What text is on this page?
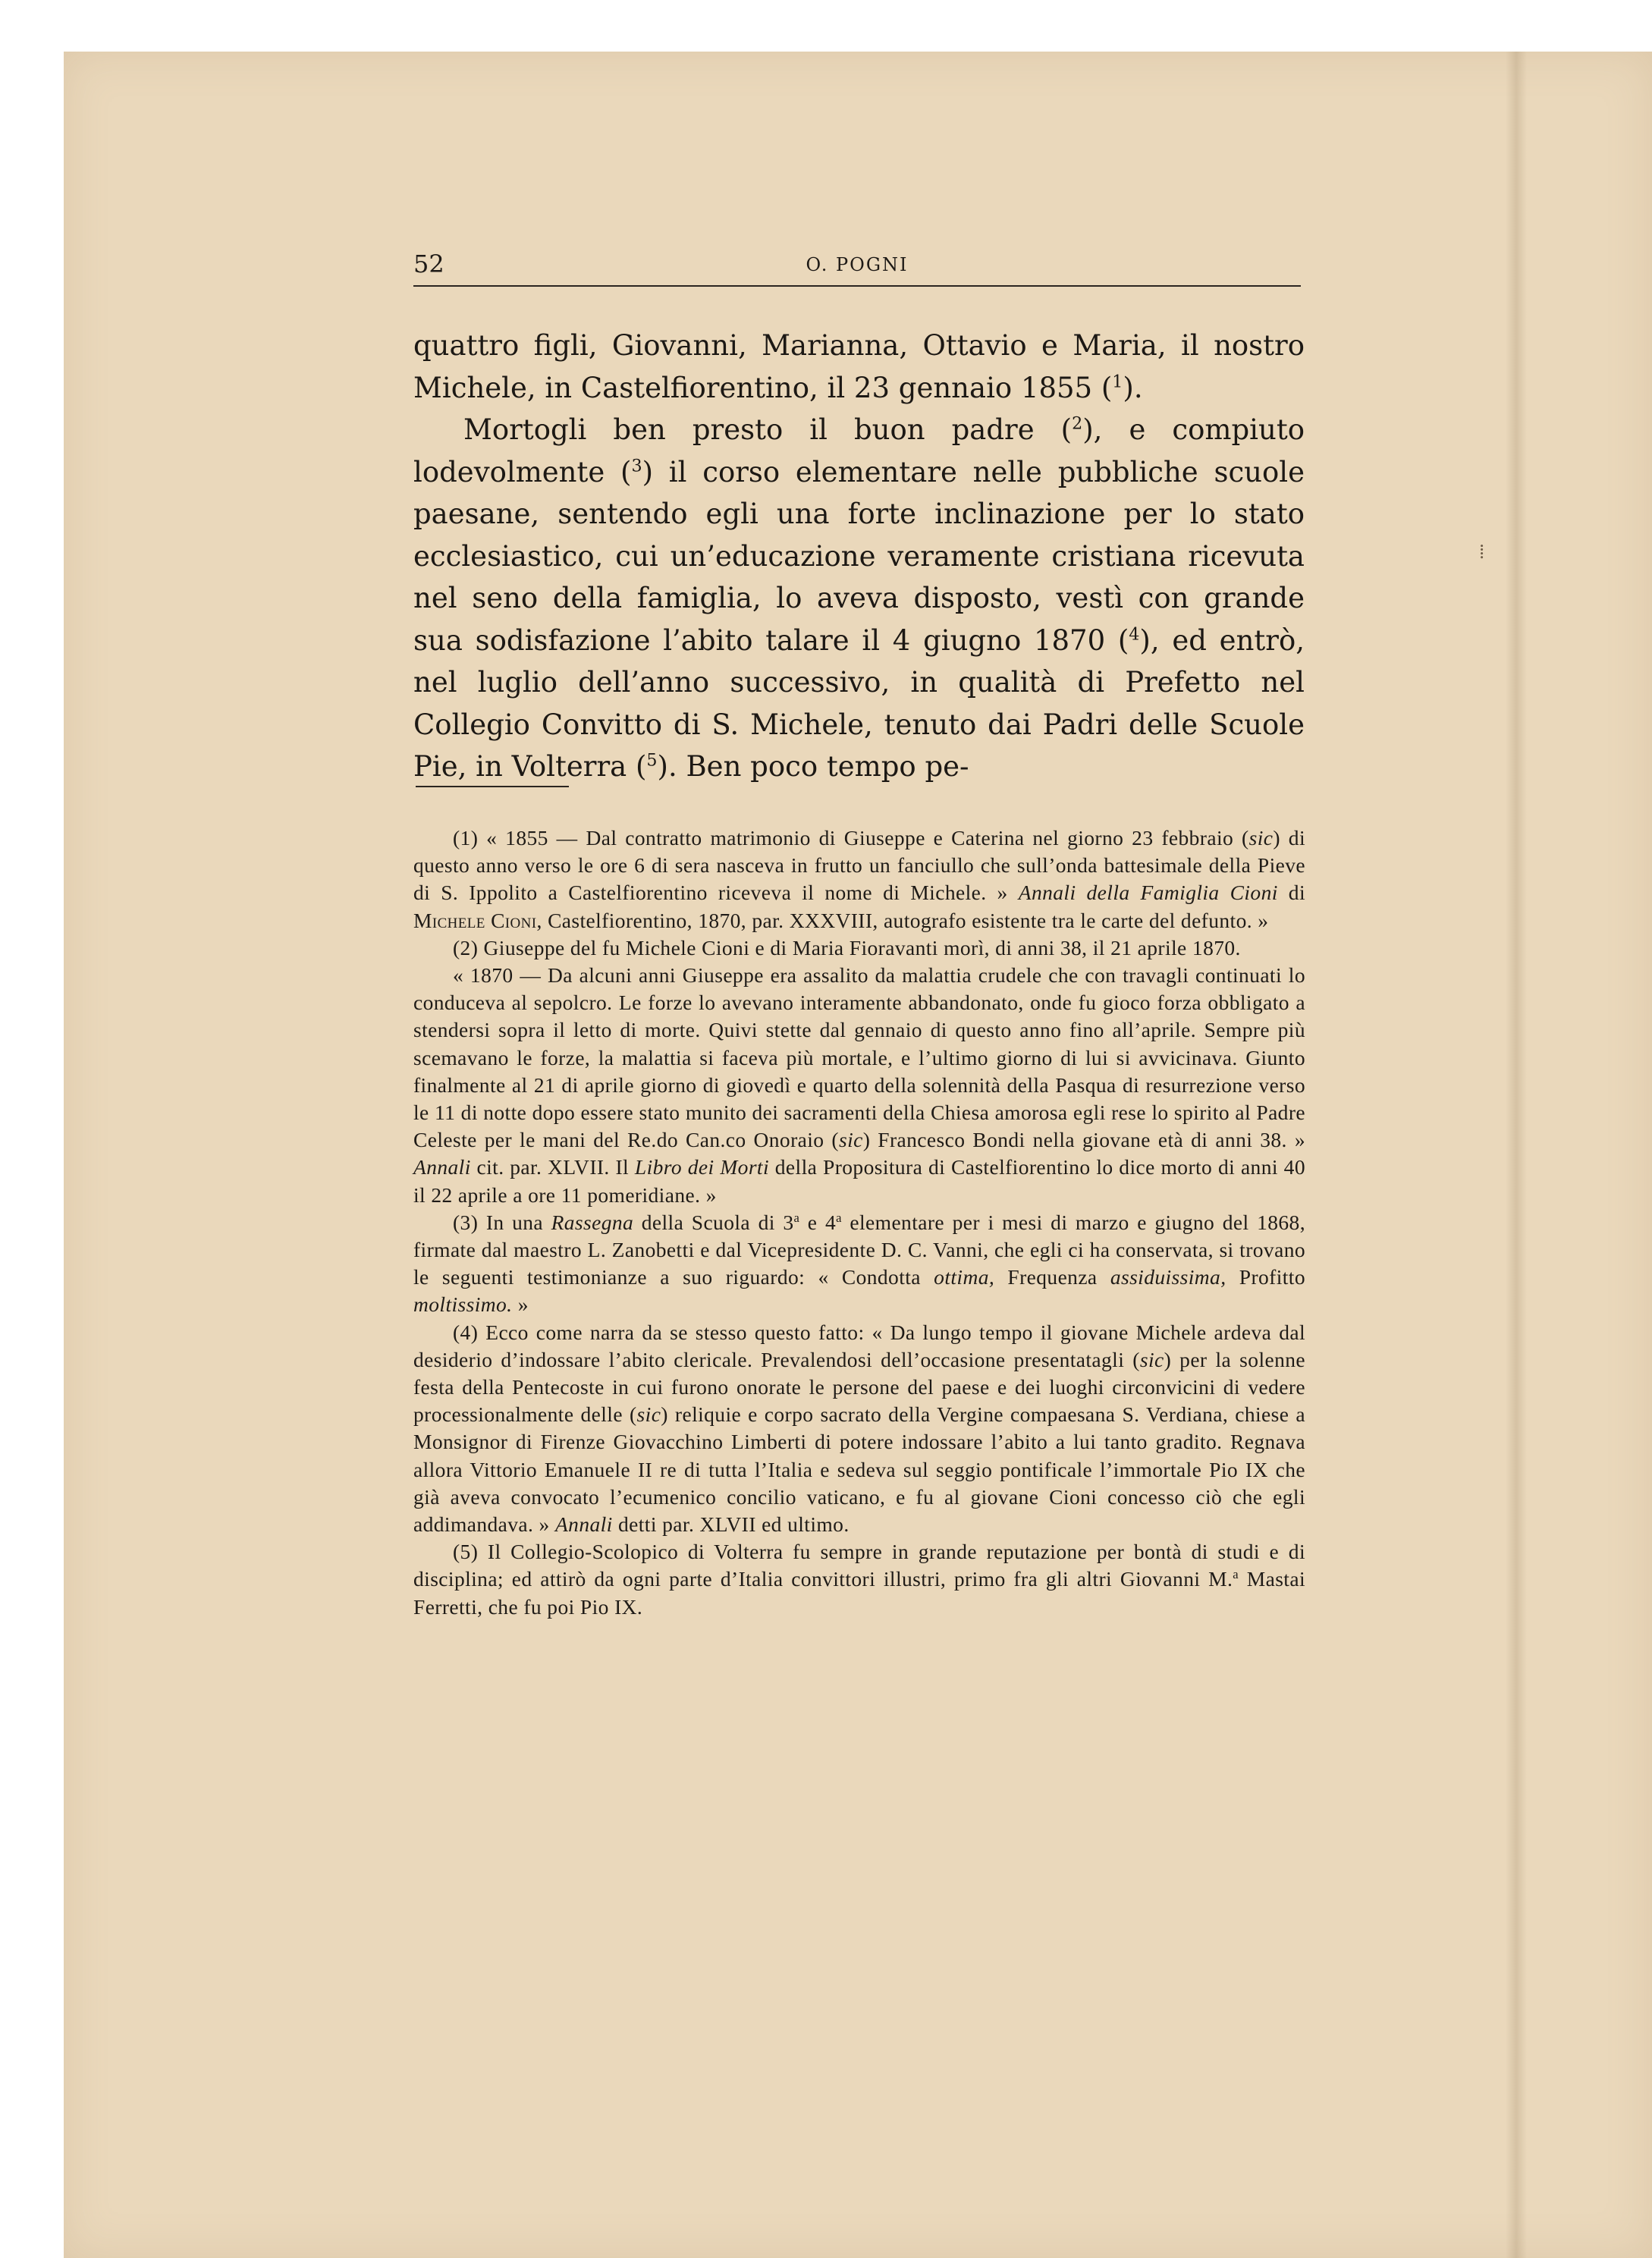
⁞
52	O. POGNI

quattro figli, Giovanni, Marianna, Ottavio e Maria, il nostro Michele, in Castelfiorentino, il 23 gennaio 1855 ($^1$).

Mortogli ben presto il buon padre ($^2$), e compiuto lodevolmente ($^3$) il corso elementare nelle pubbliche scuole paesane, sentendo egli una forte inclinazione per lo stato ecclesiastico, cui un’educazione veramente cristiana ricevuta nel seno della famiglia, lo aveva disposto, vestì con grande sua sodisfazione l’abito talare il 4 giugno 1870 ($^4$), ed entrò, nel luglio dell’anno successivo, in qualità di Prefetto nel Collegio Convitto di S. Michele, tenuto dai Padri delle Scuole Pie, in Volterra ($^5$). Ben poco tempo pe-

(1) « 1855 — Dal contratto matrimonio di Giuseppe e Caterina nel giorno 23 febbraio (sic) di questo anno verso le ore 6 di sera nasceva in frutto un fanciullo che sull’onda battesimale della Pieve di S. Ippolito a Castelfiorentino riceveva il nome di Michele. » Annali della Famiglia Cioni di Michele Cioni, Castelfiorentino, 1870, par. XXXVIII, autografo esistente tra le carte del defunto. »

(2) Giuseppe del fu Michele Cioni e di Maria Fioravanti morì, di anni 38, il 21 aprile 1870.

« 1870 — Da alcuni anni Giuseppe era assalito da malattia crudele che con travagli continuati lo conduceva al sepolcro. Le forze lo avevano interamente abbandonato, onde fu gioco forza obbligato a stendersi sopra il letto di morte. Quivi stette dal gennaio di questo anno fino all’aprile. Sempre più scemavano le forze, la malattia si faceva più mortale, e l’ultimo giorno di lui si avvicinava. Giunto finalmente al 21 di aprile giorno di giovedì e quarto della solennità della Pasqua di resurrezione verso le 11 di notte dopo essere stato munito dei sacramenti della Chiesa amorosa egli rese lo spirito al Padre Celeste per le mani del Re.do Can.co Onoraio (sic) Francesco Bondi nella giovane età di anni 38. » Annali cit. par. XLVII. Il Libro dei Morti della Propositura di Castelfiorentino lo dice morto di anni 40 il 22 aprile a ore 11 pomeridiane. »

(3) In una Rassegna della Scuola di 3$^a$ e 4$^a$ elementare per i mesi di marzo e giugno del 1868, firmate dal maestro L. Zanobetti e dal Vicepresidente D. C. Vanni, che egli ci ha conservata, si trovano le seguenti testimonianze a suo riguardo: « Condotta ottima, Frequenza assiduissima, Profitto moltissimo. »

(4) Ecco come narra da se stesso questo fatto: « Da lungo tempo il giovane Michele ardeva dal desiderio d’indossare l’abito clericale. Prevalendosi dell’occasione presentatagli (sic) per la solenne festa della Pentecoste in cui furono onorate le persone del paese e dei luoghi circonvicini di vedere processionalmente delle (sic) reliquie e corpo sacrato della Vergine compaesana S. Verdiana, chiese a Monsignor di Firenze Giovacchino Limberti di potere indossare l’abito a lui tanto gradito. Regnava allora Vittorio Emanuele II re di tutta l’Italia e sedeva sul seggio pontificale l’immortale Pio IX che già aveva convocato l’ecumenico concilio vaticano, e fu al giovane Cioni concesso ciò che egli addimandava. » Annali detti par. XLVII ed ultimo.

(5) Il Collegio-Scolopico di Volterra fu sempre in grande reputazione per bontà di studi e di disciplina; ed attirò da ogni parte d’Italia convittori illustri, primo fra gli altri Giovanni M.$^a$ Mastai Ferretti, che fu poi Pio IX.
